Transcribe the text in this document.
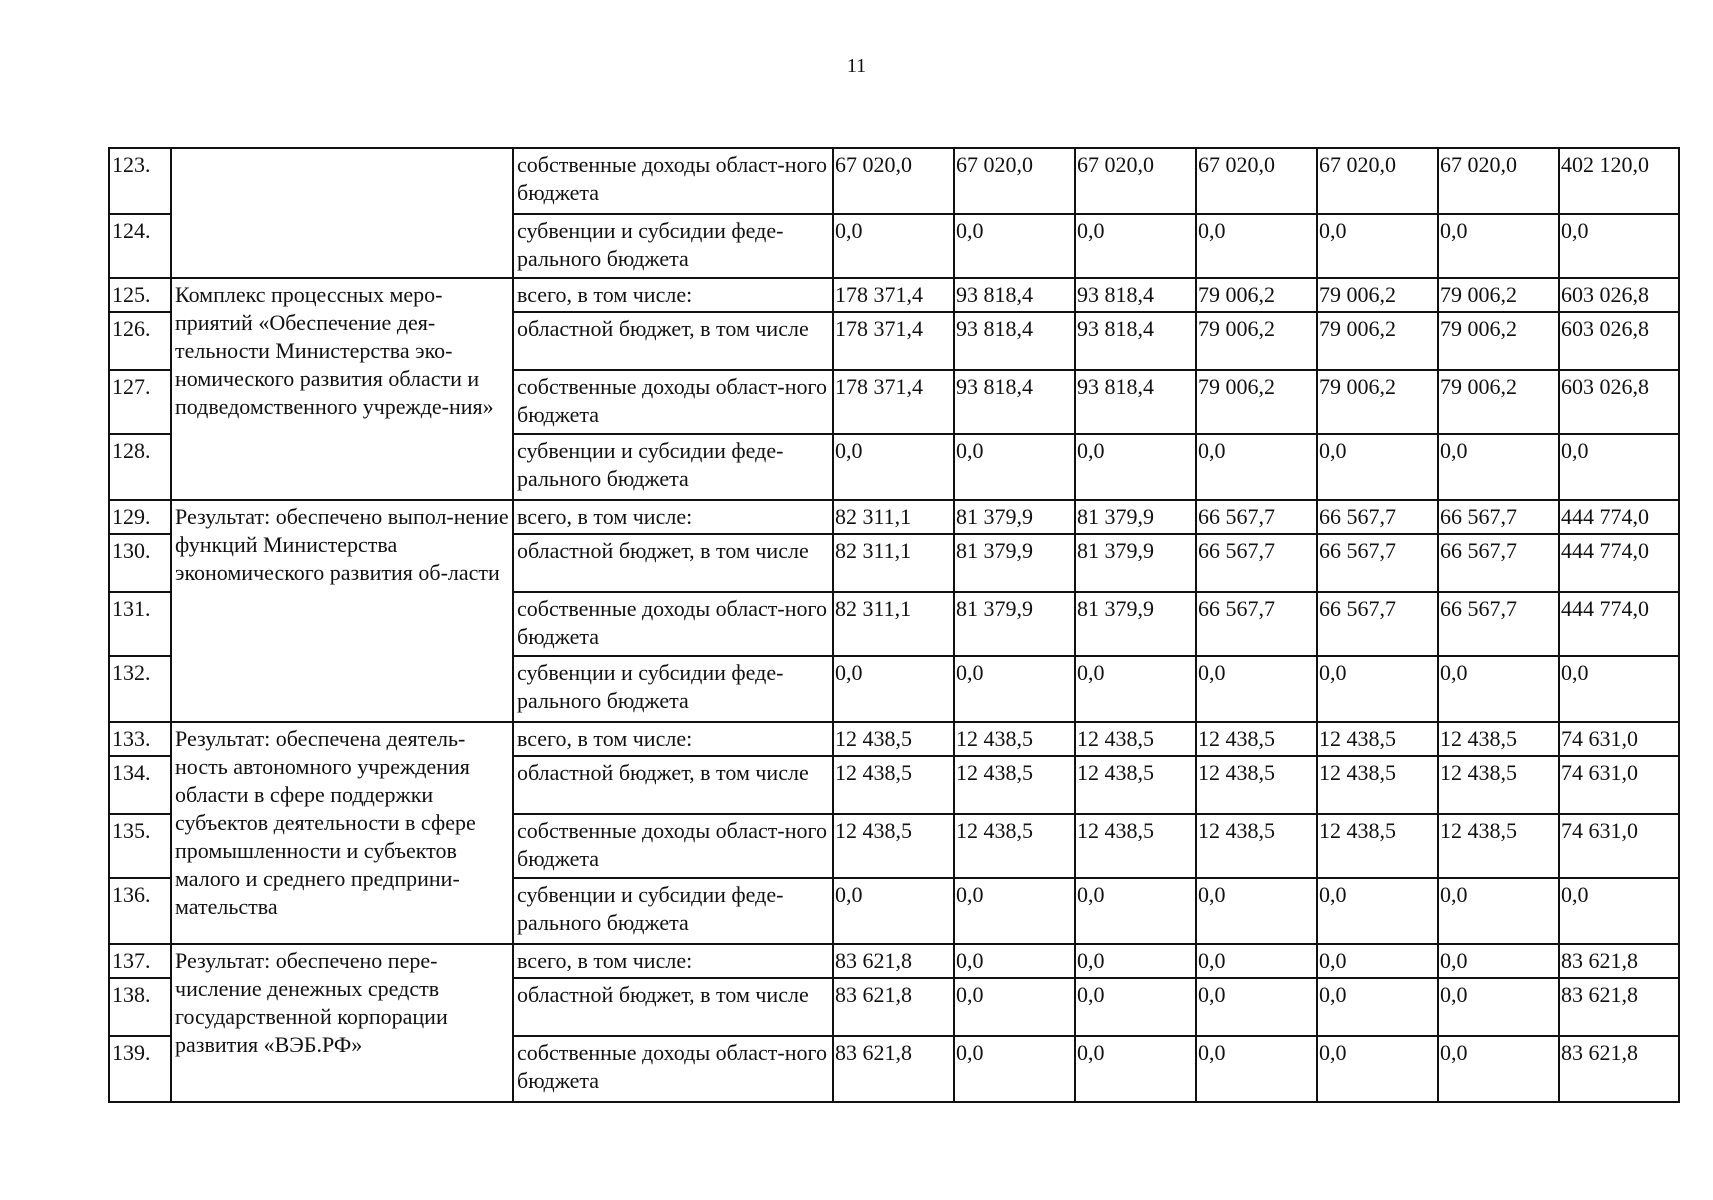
11
123.		собственные доходы област-ного бюджета	67 020,0	67 020,0	67 020,0	67 020,0	67 020,0	67 020,0	402 120,0
124.		субвенции и субсидии феде-рального бюджета	0,0	0,0	0,0	0,0	0,0	0,0	0,0
125.	Комплекс процессных меро-приятий «Обеспечение дея-тельности Министерства эко-номического развития области и подведомственного учрежде-ния»	всего, в том числе:	178 371,4	93 818,4	93 818,4	79 006,2	79 006,2	79 006,2	603 026,8
126.		областной бюджет, в том числе	178 371,4	93 818,4	93 818,4	79 006,2	79 006,2	79 006,2	603 026,8
127.		собственные доходы област-ного бюджета	178 371,4	93 818,4	93 818,4	79 006,2	79 006,2	79 006,2	603 026,8
128.		субвенции и субсидии феде-рального бюджета	0,0	0,0	0,0	0,0	0,0	0,0	0,0
129.	Результат: обеспечено выпол-нение функций Министерства экономического развития об-ласти	всего, в том числе:	82 311,1	81 379,9	81 379,9	66 567,7	66 567,7	66 567,7	444 774,0
130.		областной бюджет, в том числе	82 311,1	81 379,9	81 379,9	66 567,7	66 567,7	66 567,7	444 774,0
131.		собственные доходы област-ного бюджета	82 311,1	81 379,9	81 379,9	66 567,7	66 567,7	66 567,7	444 774,0
132.		субвенции и субсидии феде-рального бюджета	0,0	0,0	0,0	0,0	0,0	0,0	0,0
133.	Результат: обеспечена деятель-ность автономного учреждения области в сфере поддержки субъектов деятельности в сфере промышленности и субъектов малого и среднего предприни-мательства	всего, в том числе:	12 438,5	12 438,5	12 438,5	12 438,5	12 438,5	12 438,5	74 631,0
134.		областной бюджет, в том числе	12 438,5	12 438,5	12 438,5	12 438,5	12 438,5	12 438,5	74 631,0
135.		собственные доходы област-ного бюджета	12 438,5	12 438,5	12 438,5	12 438,5	12 438,5	12 438,5	74 631,0
136.		субвенции и субсидии феде-рального бюджета	0,0	0,0	0,0	0,0	0,0	0,0	0,0
137.	Результат: обеспечено пере-числение денежных средств государственной корпорации развития «ВЭБ.РФ»	всего, в том числе:	83 621,8	0,0	0,0	0,0	0,0	0,0	83 621,8
138.		областной бюджет, в том числе	83 621,8	0,0	0,0	0,0	0,0	0,0	83 621,8
139.		собственные доходы област-ного бюджета	83 621,8	0,0	0,0	0,0	0,0	0,0	83 621,8
